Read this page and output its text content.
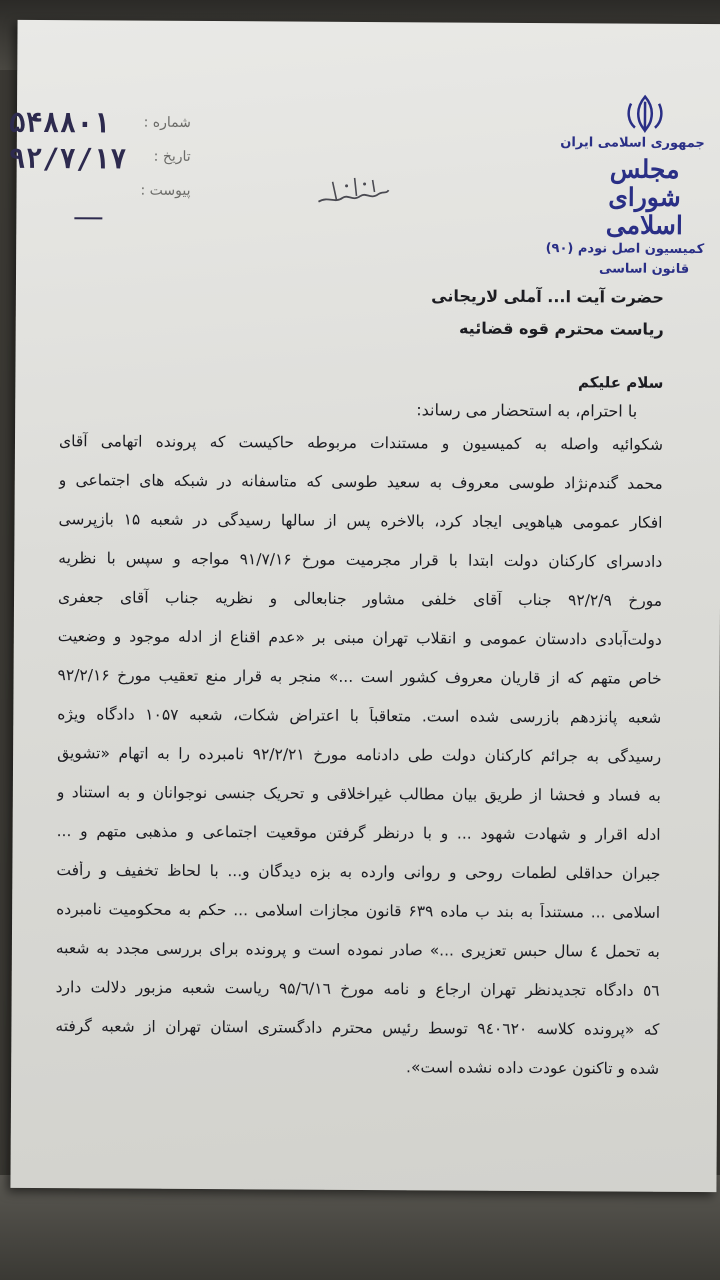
جمهوری اسلامی ایران
مجلس شورای اسلامی
کمیسیون اصل نودم (۹۰)
قانون اساسی
شماره :
تاریخ :
پیوست :
۵۴۸۸۰۱
۹۲/۷/۱۷
حضرت آیت ا... آملی لاریجانی
ریاست محترم قوه قضائیه
سلام علیکم
با احترام، به استحضار می رساند:
شکوائیه واصله به کمیسیون و مستندات مربوطه حاکیست که پرونده اتهامی آقای
محمد گندم‌نژاد طوسی معروف به سعید طوسی که متاسفانه در شبکه های اجتماعی و
افکار عمومی هیاهویی ایجاد کرد، بالاخره پس از سالها رسیدگی در شعبه ۱۵ بازپرسی
دادسرای کارکنان دولت ابتدا با قرار مجرمیت مورخ ۹۱/۷/۱۶ مواجه و سپس با نظریه
مورخ ۹۲/۲/۹ جناب آقای خلفی مشاور جنابعالی و نظریه جناب آقای جعفری
دولت‌آبادی دادستان عمومی و انقلاب تهران مبنی بر «عدم اقناع از ادله موجود و وضعیت
خاص متهم که از قاریان معروف کشور است ...» منجر به قرار منع تعقیب مورخ ۹۲/۲/۱۶
شعبه پانزدهم بازرسی شده است. متعاقباً با اعتراض شکات، شعبه ۱۰۵۷ دادگاه ویژه
رسیدگی به جرائم کارکنان دولت طی دادنامه مورخ ۹۲/۲/۲۱ نامبرده را به اتهام «تشویق
به فساد و فحشا از طریق بیان مطالب غیراخلاقی و تحریک جنسی نوجوانان و به استناد و
ادله اقرار و شهادت شهود ... و با درنظر گرفتن موقعیت اجتماعی و مذهبی متهم و ...
جبران حداقلی لطمات روحی و روانی وارده به بزه دیدگان و... با لحاظ تخفیف و رأفت
اسلامی ... مستنداً به بند ب ماده ۶۳۹ قانون مجازات اسلامی ... حکم به محکومیت نامبرده
به تحمل ٤ سال حبس تعزیری ...» صادر نموده است و پرونده برای بررسی مجدد به شعبه
٥٦ دادگاه تجدیدنظر تهران ارجاع و نامه مورخ ۹۵/٦/۱٦ ریاست شعبه مزبور دلالت دارد
که «پرونده کلاسه ۹٤۰٦۲۰ توسط رئیس محترم دادگستری استان تهران از شعبه گرفته
شده و تاکنون عودت داده نشده است».
